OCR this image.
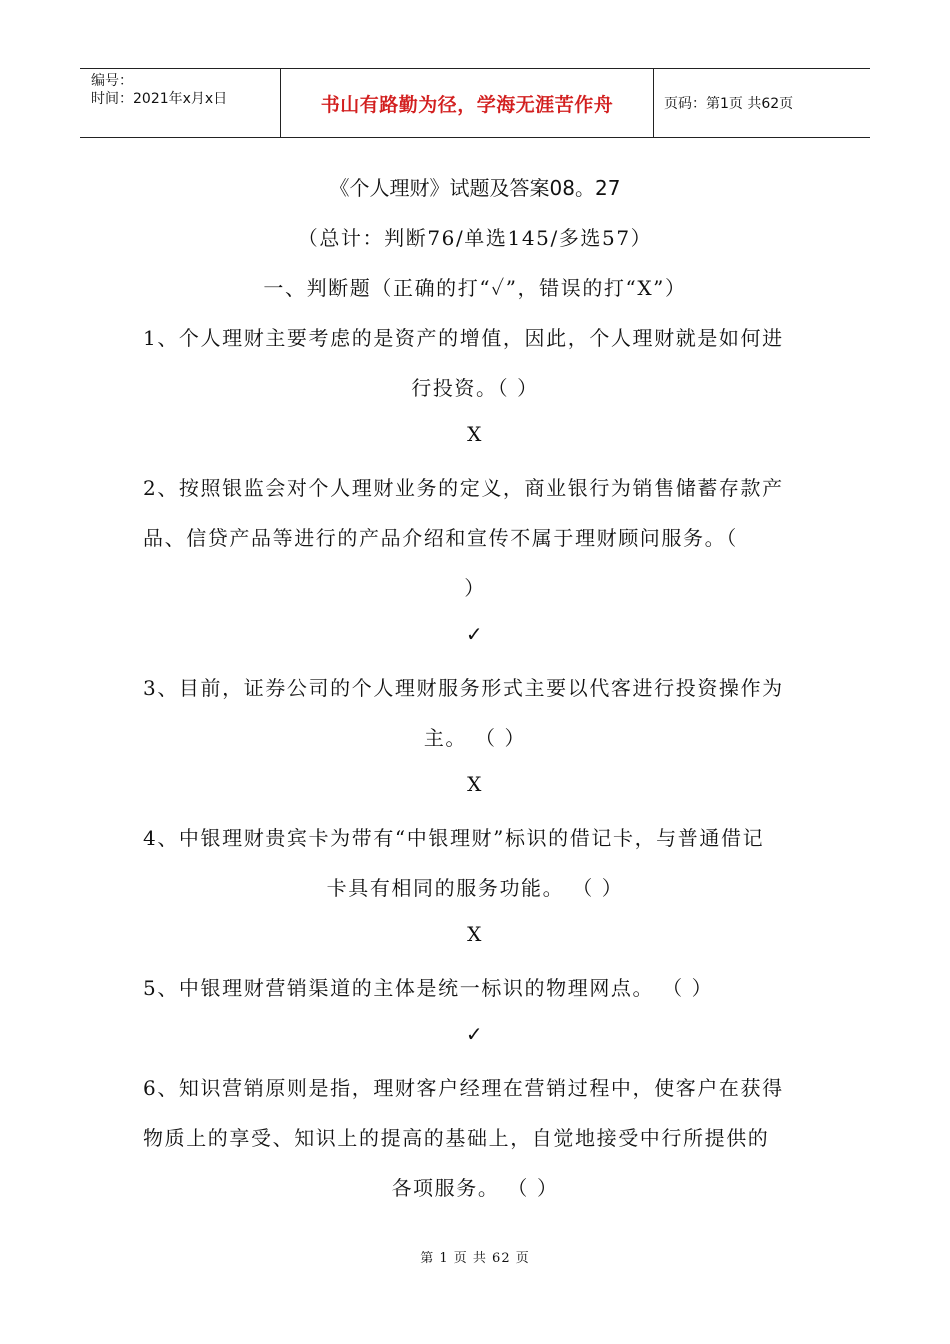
编号：
时间：2021年x月x日	书山有路勤为径，学海无涯苦作舟	页码：第1页 共62页
《个人理财》试题及答案08。27
（总计：判断76/单选145/多选57）
一、判断题（正确的打“✓”，错误的打“X”）
1、个人理财主要考虑的是资产的增值，因此，个人理财就是如何进
行投资。（ ）
X
2、按照银监会对个人理财业务的定义，商业银行为销售储蓄存款产
品、信贷产品等进行的产品介绍和宣传不属于理财顾问服务。（
）
✓
3、目前，证券公司的个人理财服务形式主要以代客进行投资操作为
主。 （ ）
X
4、中银理财贵宾卡为带有“中银理财”标识的借记卡，与普通借记
卡具有相同的服务功能。 （ ）
X
5、中银理财营销渠道的主体是统一标识的物理网点。 （ ）
✓
6、知识营销原则是指，理财客户经理在营销过程中，使客户在获得
物质上的享受、知识上的提高的基础上，自觉地接受中行所提供的
各项服务。 （ ）
第 1 页 共 62 页
